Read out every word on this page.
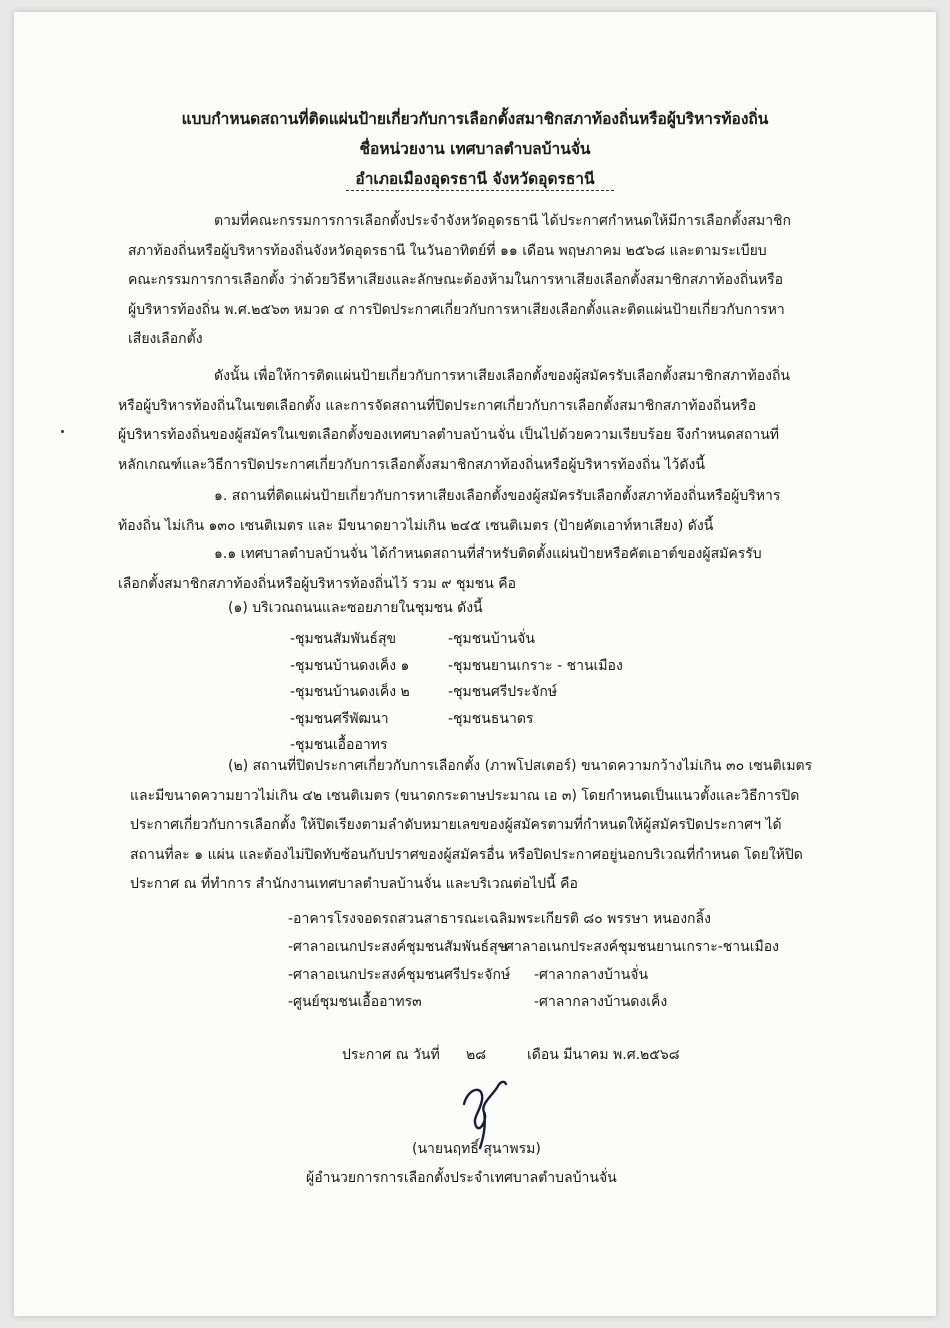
แบบกำหนดสถานที่ติดแผ่นป้ายเกี่ยวกับการเลือกตั้งสมาชิกสภาท้องถิ่นหรือผู้บริหารท้องถิ่น
ชื่อหน่วยงาน เทศบาลตำบลบ้านจั่น
อำเภอเมืองอุดรธานี จังหวัดอุดรธานี
ตามที่คณะกรรมการการเลือกตั้งประจำจังหวัดอุดรธานี ได้ประกาศกำหนดให้มีการเลือกตั้งสมาชิก
สภาท้องถิ่นหรือผู้บริหารท้องถิ่นจังหวัดอุดรธานี ในวันอาทิตย์ที่ ๑๑ เดือน พฤษภาคม ๒๕๖๘ และตามระเบียบ
คณะกรรมการการเลือกตั้ง ว่าด้วยวิธีหาเสียงและลักษณะต้องห้ามในการหาเสียงเลือกตั้งสมาชิกสภาท้องถิ่นหรือ
ผู้บริหารท้องถิ่น พ.ศ.๒๕๖๓ หมวด ๔ การปิดประกาศเกี่ยวกับการหาเสียงเลือกตั้งและติดแผ่นป้ายเกี่ยวกับการหา
เสียงเลือกตั้ง
ดังนั้น เพื่อให้การติดแผ่นป้ายเกี่ยวกับการหาเสียงเลือกตั้งของผู้สมัครรับเลือกตั้งสมาชิกสภาท้องถิ่น
หรือผู้บริหารท้องถิ่นในเขตเลือกตั้ง และการจัดสถานที่ปิดประกาศเกี่ยวกับการเลือกตั้งสมาชิกสภาท้องถิ่นหรือ
ผู้บริหารท้องถิ่นของผู้สมัครในเขตเลือกตั้งของเทศบาลตำบลบ้านจั่น เป็นไปด้วยความเรียบร้อย จึงกำหนดสถานที่
หลักเกณฑ์และวิธีการปิดประกาศเกี่ยวกับการเลือกตั้งสมาชิกสภาท้องถิ่นหรือผู้บริหารท้องถิ่น ไว้ดังนี้
๑. สถานที่ติดแผ่นป้ายเกี่ยวกับการหาเสียงเลือกตั้งของผู้สมัครรับเลือกตั้งสภาท้องถิ่นหรือผู้บริหาร
ท้องถิ่น ไม่เกิน ๑๓๐ เซนติเมตร และ มีขนาดยาวไม่เกิน ๒๔๕ เซนติเมตร (ป้ายคัตเอาท์หาเสียง) ดังนี้
๑.๑ เทศบาลตำบลบ้านจั่น ได้กำหนดสถานที่สำหรับติดตั้งแผ่นป้ายหรือคัตเอาต์ของผู้สมัครรับ
เลือกตั้งสมาชิกสภาท้องถิ่นหรือผู้บริหารท้องถิ่นไว้ รวม ๙ ชุมชน คือ
(๑) บริเวณถนนและซอยภายในชุมชน ดังนี้
-ชุมชนสัมพันธ์สุข
-ชุมชนบ้านดงเค็ง ๑
-ชุมชนบ้านดงเค็ง ๒
-ชุมชนศรีพัฒนา
-ชุมชนเอื้ออาทร
-ชุมชนบ้านจั่น
-ชุมชนยานเกราะ - ชานเมือง
-ชุมชนศรีประจักษ์
-ชุมชนธนาดร
(๒) สถานที่ปิดประกาศเกี่ยวกับการเลือกตั้ง (ภาพโปสเตอร์) ขนาดความกว้างไม่เกิน ๓๐ เซนติเมตร
และมีขนาดความยาวไม่เกิน ๔๒ เซนติเมตร (ขนาดกระดาษประมาณ เอ ๓) โดยกำหนดเป็นแนวตั้งและวิธีการปิด
ประกาศเกี่ยวกับการเลือกตั้ง ให้ปิดเรียงตามลำดับหมายเลขของผู้สมัครตามที่กำหนดให้ผู้สมัครปิดประกาศฯ ได้
สถานที่ละ ๑ แผ่น และต้องไม่ปิดทับซ้อนกับปราศของผู้สมัครอื่น หรือปิดประกาศอยู่นอกบริเวณที่กำหนด โดยให้ปิด
ประกาศ ณ ที่ทำการ สำนักงานเทศบาลตำบลบ้านจั่น และบริเวณต่อไปนี้ คือ
-อาคารโรงจอดรถสวนสาธารณะเฉลิมพระเกียรติ ๘๐ พรรษา หนองกลิ้ง
-ศาลาอเนกประสงค์ชุมชนสัมพันธ์สุข
-ศาลาอเนกประสงค์ชุมชนศรีประจักษ์
-ศูนย์ชุมชนเอื้ออาทร๓
-ศาลาอเนกประสงค์ชุมชนยานเกราะ-ชานเมือง
-ศาลากลางบ้านจั่น
-ศาลากลางบ้านดงเค็ง
ประกาศ ณ วันที่ ๒๘	เดือน มีนาคม พ.ศ.๒๕๖๘
(นายนฤทธิ์ สุนาพรม)
ผู้อำนวยการการเลือกตั้งประจำเทศบาลตำบลบ้านจั่น
